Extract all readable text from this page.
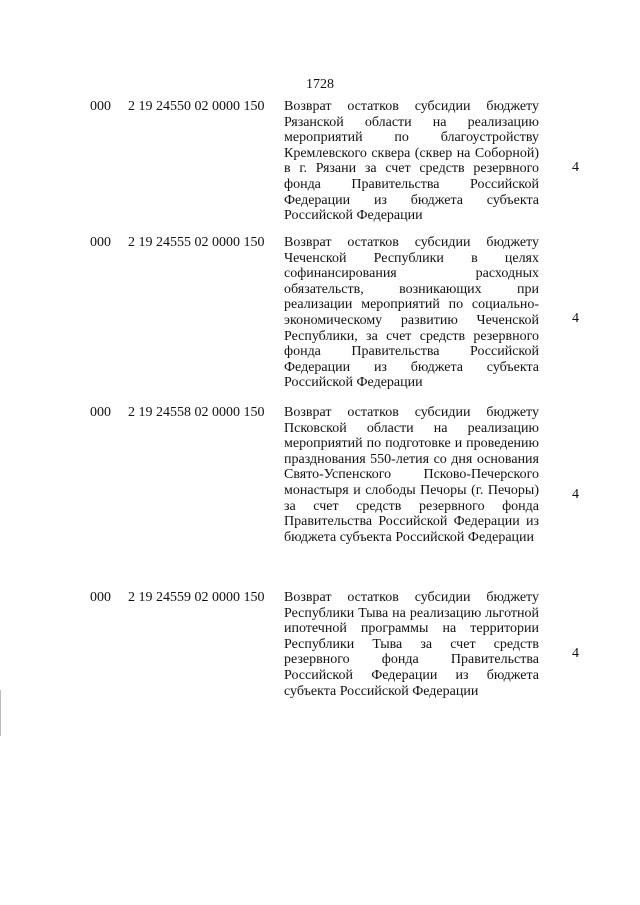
1728
000 2 19 24550 02 0000 150 Возврат остатков субсидии бюджету Рязанской области на реализацию мероприятий по благоустройству Кремлевского сквера (сквер на Соборной) в г. Рязани за счет средств резервного фонда Правительства Российской Федерации из бюджета субъекта Российской Федерации
4
000 2 19 24555 02 0000 150 Возврат остатков субсидии бюджету Чеченской Республики в целях софинансирования расходных обязательств, возникающих при реализации мероприятий по социально-экономическому развитию Чеченской Республики, за счет средств резервного фонда Правительства Российской Федерации из бюджета субъекта Российской Федерации
4
000 2 19 24558 02 0000 150 Возврат остатков субсидии бюджету Псковской области на реализацию мероприятий по подготовке и проведению празднования 550-летия со дня основания Свято-Успенского Псково-Печерского монастыря и слободы Печоры (г. Печоры) за счет средств резервного фонда Правительства Российской Федерации из бюджета субъекта Российской Федерации
4
000 2 19 24559 02 0000 150 Возврат остатков субсидии бюджету Республики Тыва на реализацию льготной ипотечной программы на территории Республики Тыва за счет средств резервного фонда Правительства Российской Федерации из бюджета субъекта Российской Федерации
4
